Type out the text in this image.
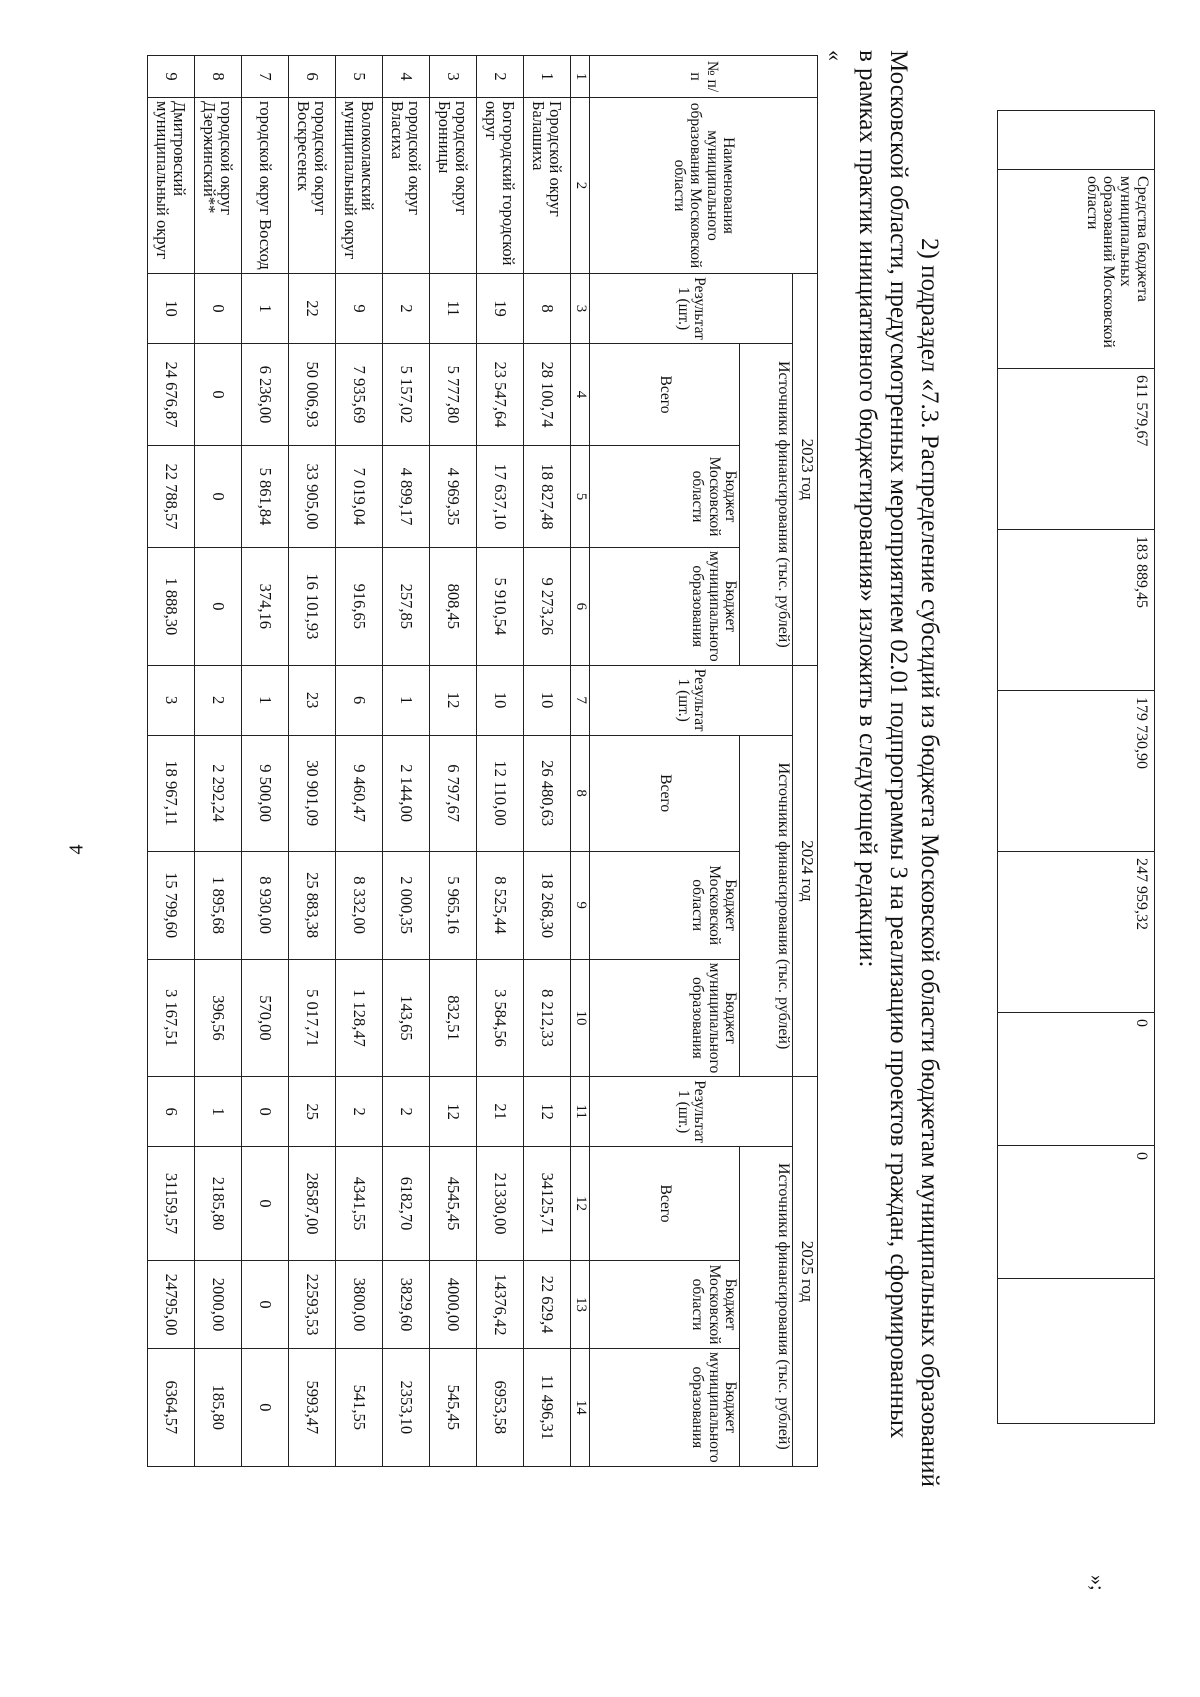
4
	Средства бюджета муниципальных образований Московской области	611 579,67	183 889,45	179 730,90	247 959,32	0	0	
»;
2) подраздел «7.3. Распределение субсидий из бюджета Московской области бюджетам муниципальных образований
Московской области, предусмотренных мероприятием 02.01 подпрограммы 3 на реализацию проектов граждан, сформированных
в рамках практик инициативного бюджетирования» изложить в следующей редакции:
«
№ п/п	Наименования муниципального образования Московской области	2023 год				2024 год				2025 год			
		Результат 1 (шт.)	Источники финансирования (тыс. рублей)			Результат 1 (шт.)	Источники финансирования (тыс. рублей)			Результат 1 (шт.)	Источники финансирования (тыс. рублей)		
			Всего	Бюджет Московской области	Бюджет муниципального образования		Всего	Бюджет Московской области	Бюджет муниципального образования		Всего	Бюджет Московской области	Бюджет муниципального образования
1	2	3	4	5	6	7	8	9	10	11	12	13	14
1	Городской округ Балашиха	8	28 100,74	18 827,48	9 273,26	10	26 480,63	18 268,30	8 212,33	12	34125,71	22 629,4	11 496,31
2	Богородский городской округ	19	23 547,64	17 637,10	5 910,54	10	12 110,00	8 525,44	3 584,56	21	21330,00	14376,42	6953,58
3	городской округ Бронницы	11	5 777,80	4 969,35	808,45	12	6 797,67	5 965,16	832,51	12	4545,45	4000,00	545,45
4	городской округ Власиха	2	5 157,02	4 899,17	257,85	1	2 144,00	2 000,35	143,65	2	6182,70	3829,60	2353,10
5	Волоколамский муниципальный округ	9	7 935,69	7 019,04	916,65	6	9 460,47	8 332,00	1 128,47	2	4341,55	3800,00	541,55
6	городской округ Воскресенск	22	50 006,93	33 905,00	16 101,93	23	30 901,09	25 883,38	5 017,71	25	28587,00	22593,53	5993,47
7	городской округ Восход	1	6 236,00	5 861,84	374,16	1	9 500,00	8 930,00	570,00	0	0	0	0
8	городской округ Дзержинский**	0	0	0	0	2	2 292,24	1 895,68	396,56	1	2185,80	2000,00	185,80
9	Дмитровский муниципальный округ	10	24 676,87	22 788,57	1 888,30	3	18 967,11	15 799,60	3 167,51	6	31159,57	24795,00	6364,57
